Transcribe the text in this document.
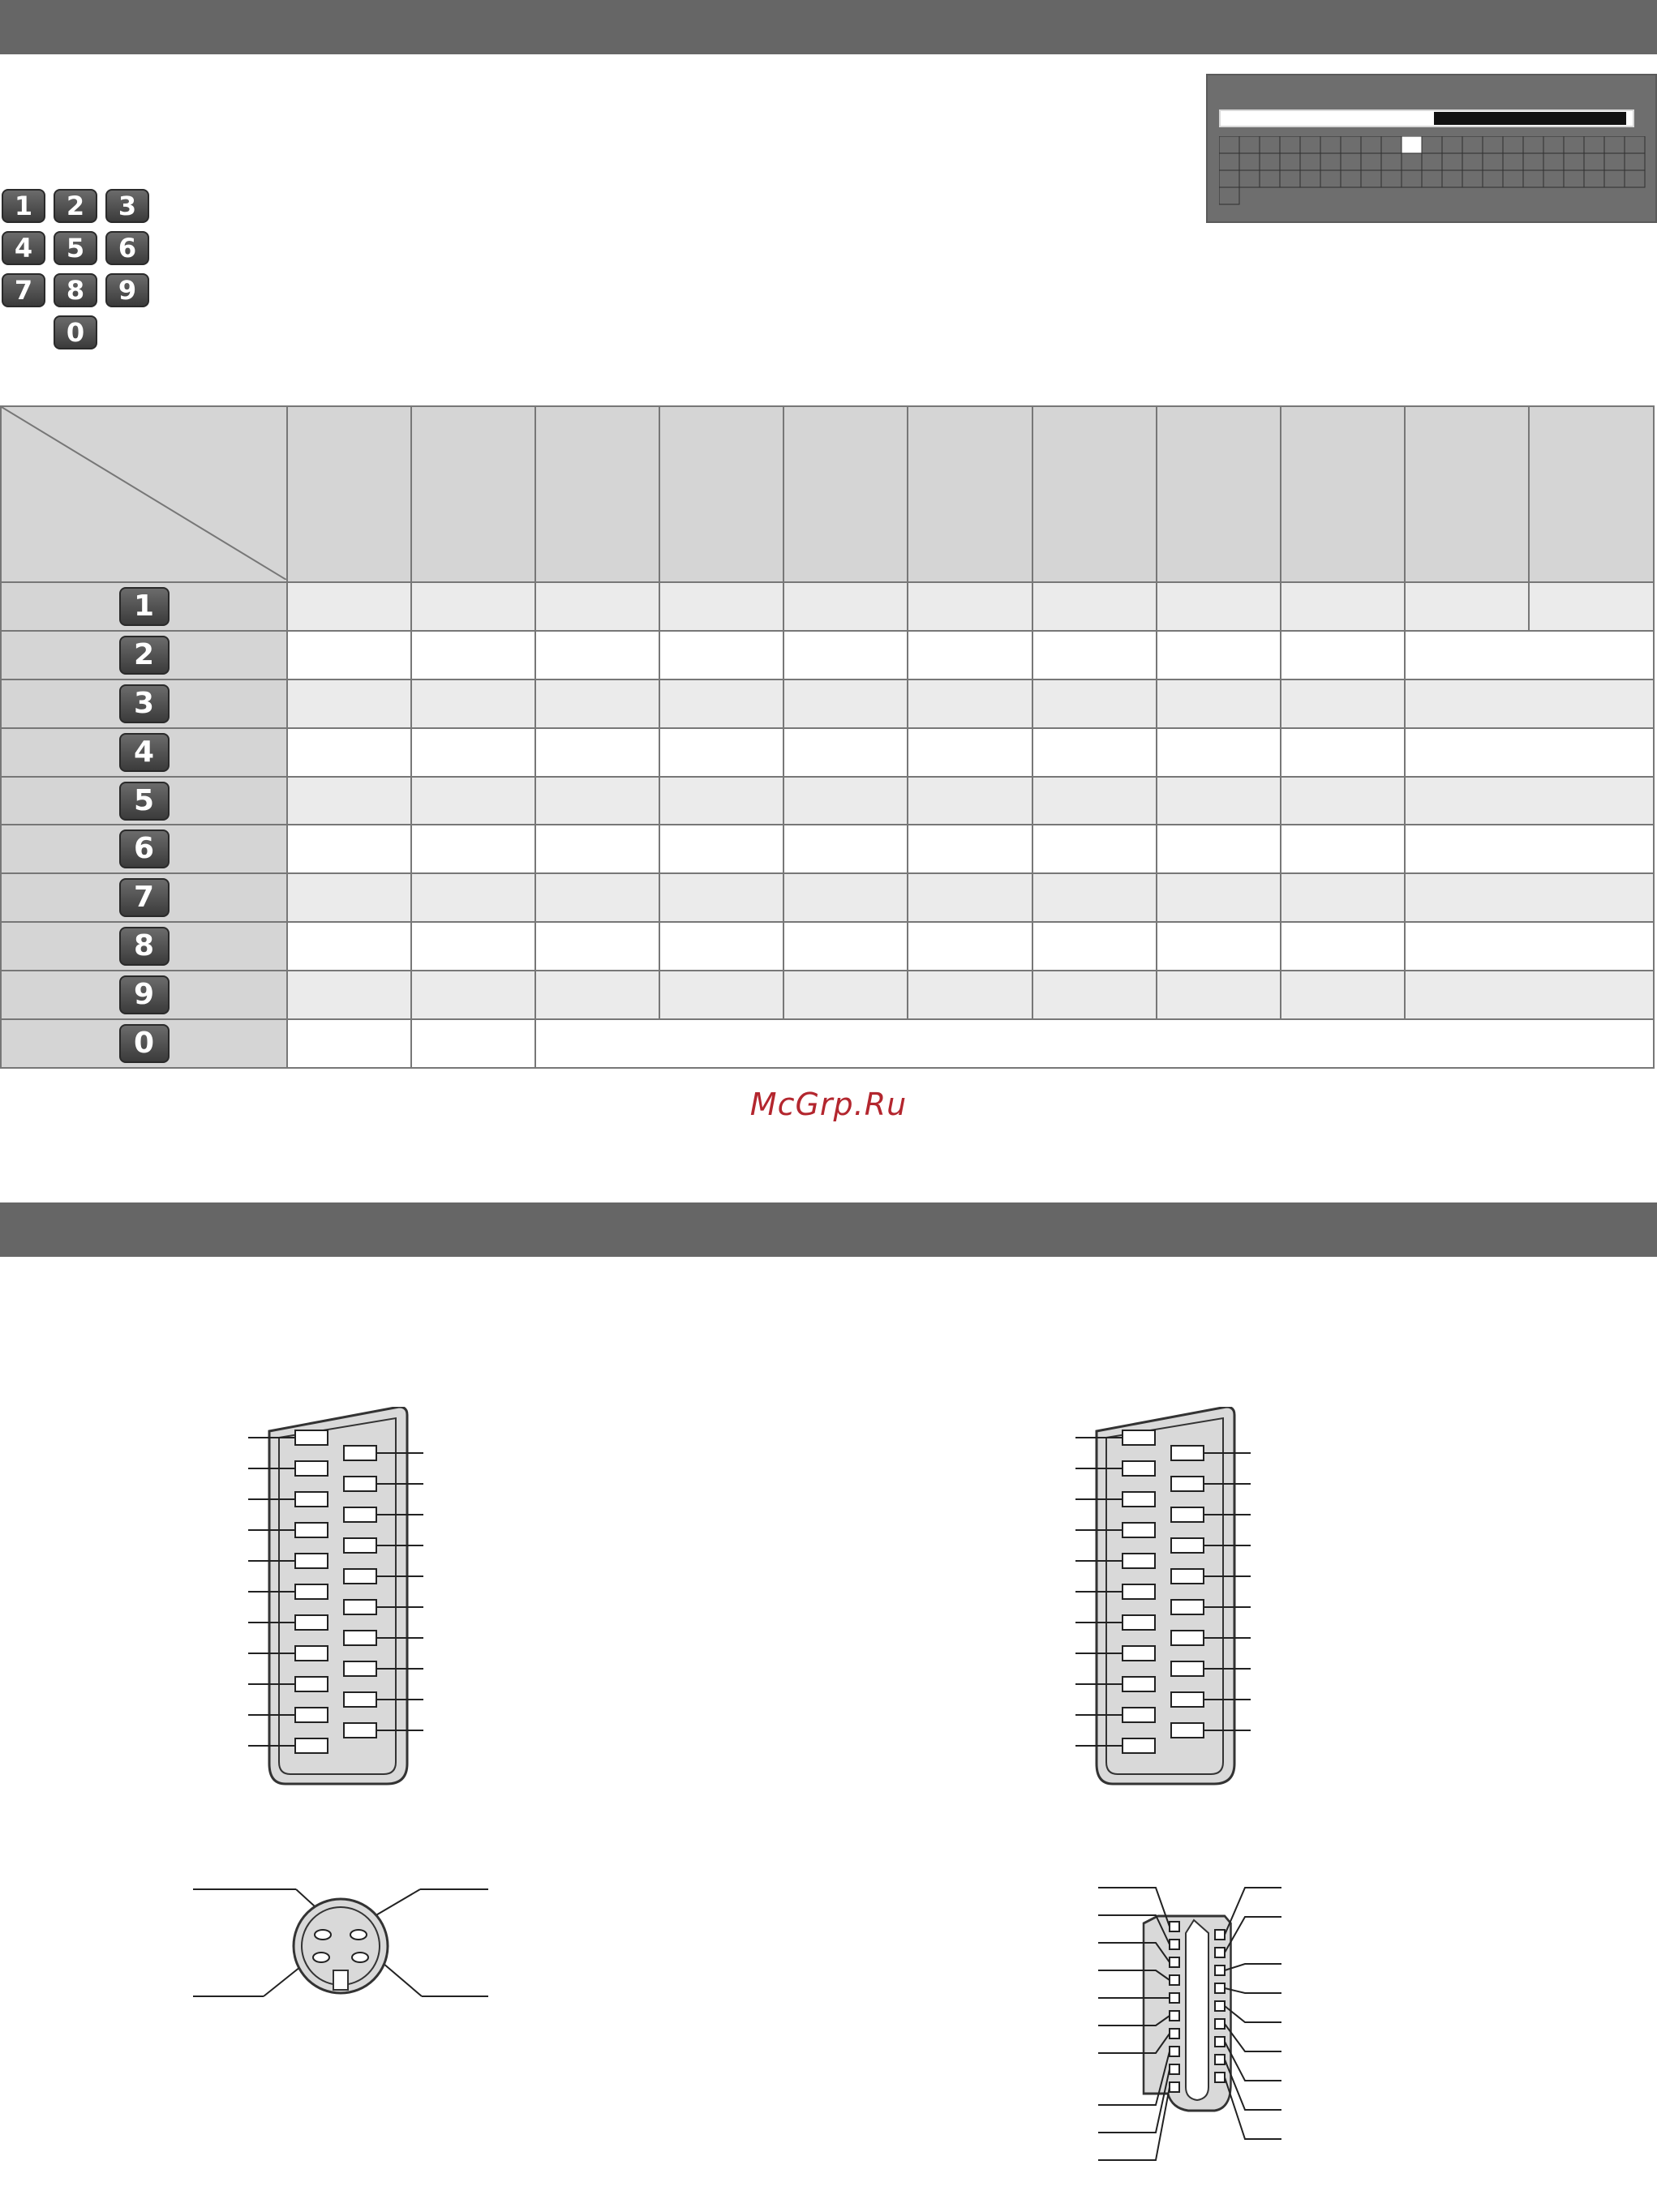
1	2	3
4	5	6
7	8	9
0

1											
2											
3											
4											
5											
6											
7											
8											
9											
0											
McGrp.Ru
